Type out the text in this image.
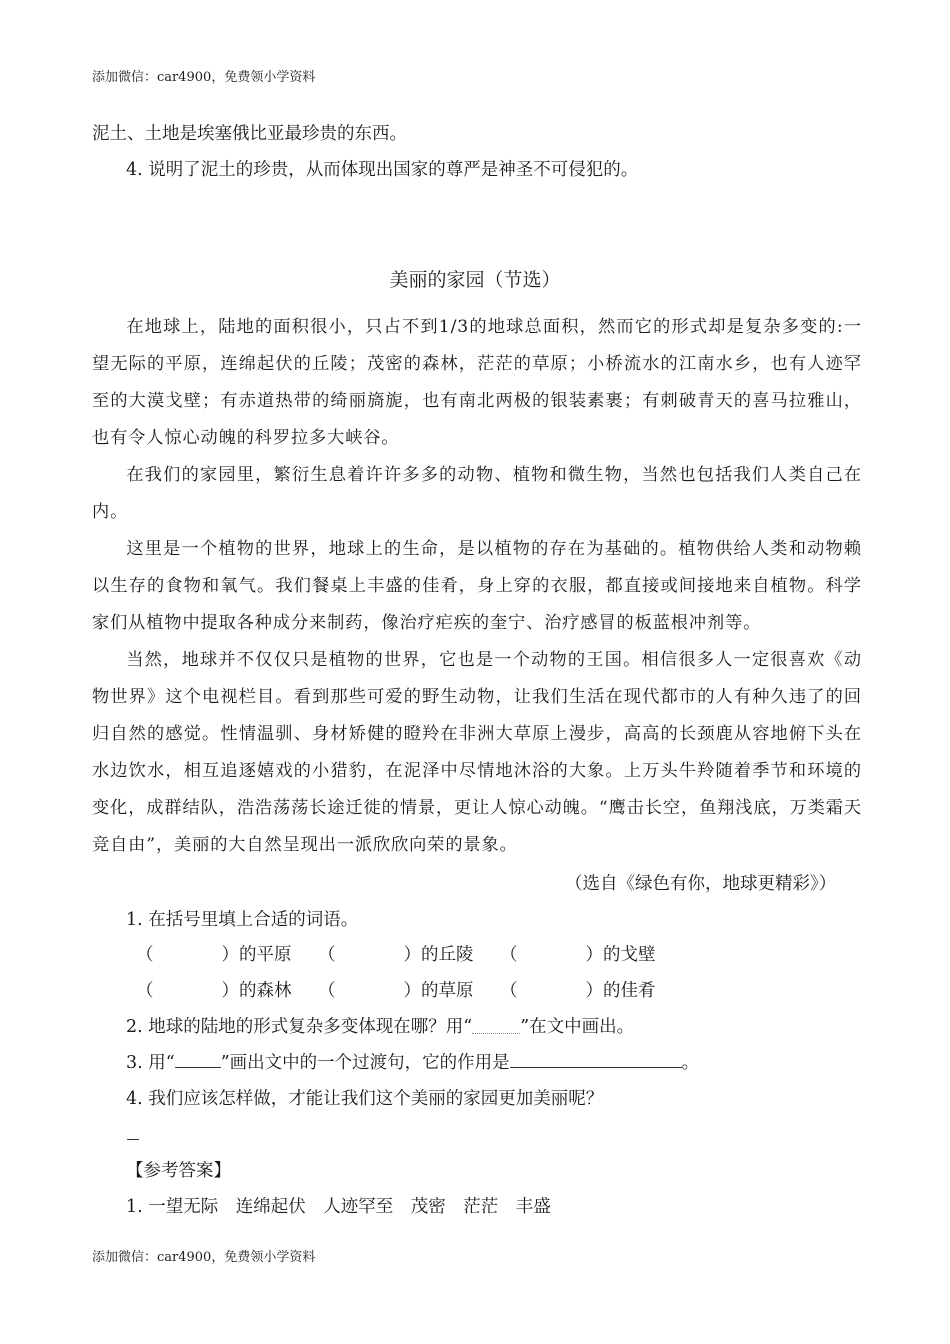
添加微信：car4900，免费领小学资料
泥土、土地是埃塞俄比亚最珍贵的东西。
4. 说明了泥土的珍贵，从而体现出国家的尊严是神圣不可侵犯的。
美丽的家园（节选）

在地球上，陆地的面积很小，只占不到1/3的地球总面积，然而它的形式却是复杂多变的:一望无际的平原，连绵起伏的丘陵；茂密的森林，茫茫的草原；小桥流水的江南水乡，也有人迹罕至的大漠戈壁；有赤道热带的绮丽旖旎，也有南北两极的银装素裹；有刺破青天的喜马拉雅山，也有令人惊心动魄的科罗拉多大峡谷。

在我们的家园里，繁衍生息着许许多多的动物、植物和微生物，当然也包括我们人类自己在内。

这里是一个植物的世界，地球上的生命，是以植物的存在为基础的。植物供给人类和动物赖以生存的食物和氧气。我们餐桌上丰盛的佳肴，身上穿的衣服，都直接或间接地来自植物。科学家们从植物中提取各种成分来制药，像治疗疟疾的奎宁、治疗感冒的板蓝根冲剂等。

当然，地球并不仅仅只是植物的世界，它也是一个动物的王国。相信很多人一定很喜欢《动物世界》这个电视栏目。看到那些可爱的野生动物，让我们生活在现代都市的人有种久违了的回归自然的感觉。性情温驯、身材矫健的瞪羚在非洲大草原上漫步，高高的长颈鹿从容地俯下头在水边饮水，相互追逐嬉戏的小猎豹，在泥泽中尽情地沐浴的大象。上万头牛羚随着季节和环境的变化，成群结队，浩浩荡荡长途迁徙的情景，更让人惊心动魄。“鹰击长空，鱼翔浅底，万类霜天竞自由”，美丽的大自然呈现出一派欣欣向荣的景象。

（选自《绿色有你，地球更精彩》）
1. 在括号里填上合适的词语。
（	）的平原 （	）的丘陵 （	）的戈壁
（	）的森林 （	）的草原 （	）的佳肴
2. 地球的陆地的形式复杂多变体现在哪？用“	”在文中画出。
3. 用“	”画出文中的一个过渡句，它的作用是	。
4. 我们应该怎样做，才能让我们这个美丽的家园更加美丽呢？
【参考答案】
1. 一望无际　连绵起伏　人迹罕至　茂密　茫茫　丰盛
添加微信：car4900，免费领小学资料
